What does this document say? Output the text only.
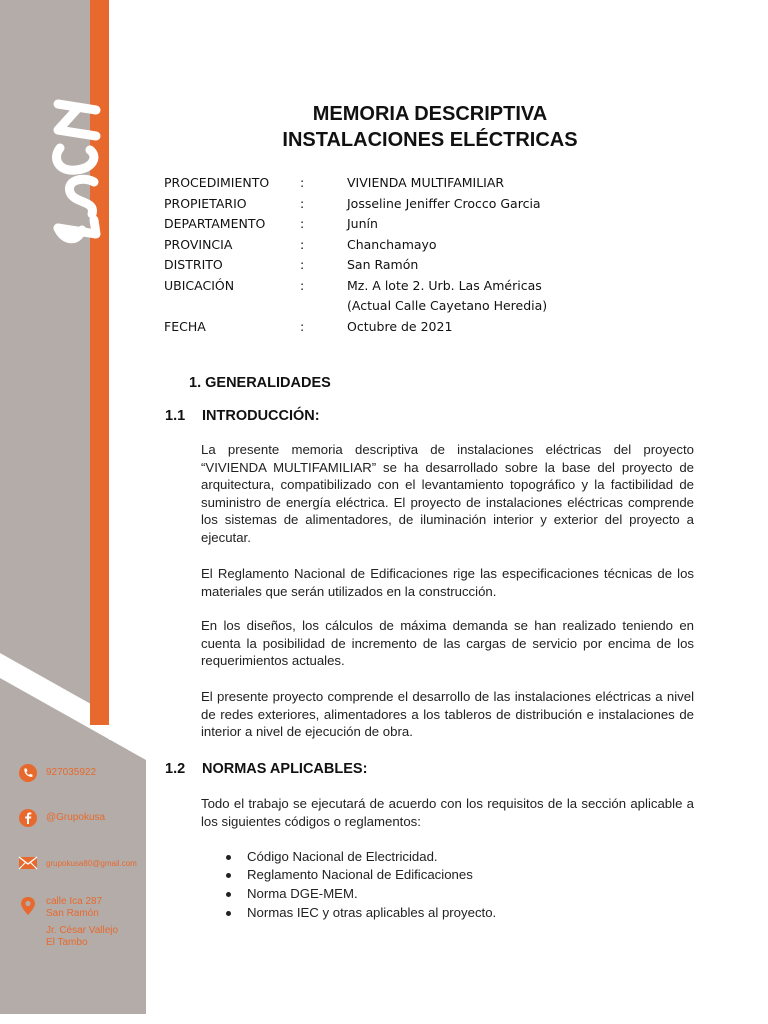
927035922
@Grupokusa
grupokusa80@gmail.com
calle Ica 287
San Ramón
Jr. César Vallejo
El Tambo
MEMORIA DESCRIPTIVA
INSTALACIONES ELÉCTRICAS
1. GENERALIDADES
1.1 INTRODUCCIÓN:
La presente memoria descriptiva de instalaciones eléctricas del proyecto “VIVIENDA MULTIFAMILIAR” se ha desarrollado sobre la base del proyecto de arquitectura, compatibilizado con el levantamiento topográfico y la factibilidad de suministro de energía eléctrica. El proyecto de instalaciones eléctricas comprende los sistemas de alimentadores, de iluminación interior y exterior del proyecto a ejecutar.
El Reglamento Nacional de Edificaciones rige las especificaciones técnicas de los materiales que serán utilizados en la construcción.
En los diseños, los cálculos de máxima demanda se han realizado teniendo en cuenta la posibilidad de incremento de las cargas de servicio por encima de los requerimientos actuales.
El presente proyecto comprende el desarrollo de las instalaciones eléctricas a nivel de redes exteriores, alimentadores a los tableros de distribución e instalaciones de interior a nivel de ejecución de obra.
1.2 NORMAS APLICABLES:
Todo el trabajo se ejecutará de acuerdo con los requisitos de la sección aplicable a los siguientes códigos o reglamentos:
Código Nacional de Electricidad.
Reglamento Nacional de Edificaciones
Norma DGE-MEM.
Normas IEC y otras aplicables al proyecto.
PROCEDIMIENTO :	VIVIENDA MULTIFAMILIAR
PROPIETARIO	:	Josseline Jeniffer Crocco Garcia
DEPARTAMENTO	:	Junín
PROVINCIA	:	Chanchamayo
DISTRITO	:	San Ramón
UBICACIÓN	:	Mz. A lote 2. Urb. Las Américas
(Actual Calle Cayetano Heredia)
FECHA	:	Octubre de 2021
